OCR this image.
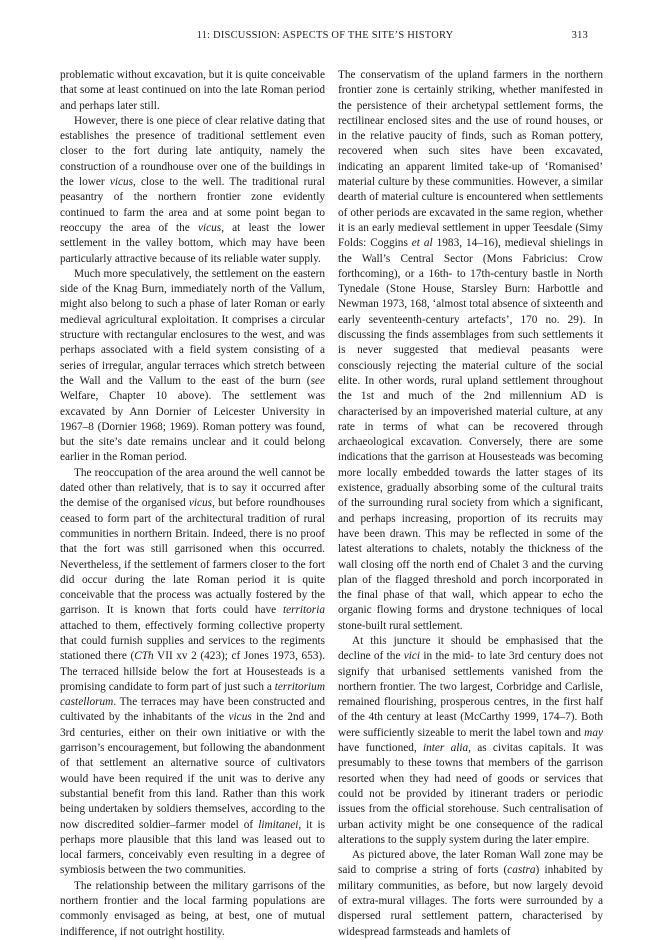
11: DISCUSSION: ASPECTS OF THE SITE’S HISTORY	313

problematic without excavation, but it is quite conceivable that some at least continued on into the late Roman period and perhaps later still.

However, there is one piece of clear relative dating that establishes the presence of traditional settlement even closer to the fort during late antiquity, namely the construction of a roundhouse over one of the buildings in the lower vicus, close to the well. The traditional rural peasantry of the northern frontier zone evidently continued to farm the area and at some point began to reoccupy the area of the vicus, at least the lower settlement in the valley bottom, which may have been particularly attractive because of its reliable water supply.

Much more speculatively, the settlement on the eastern side of the Knag Burn, immediately north of the Vallum, might also belong to such a phase of later Roman or early medieval agricultural exploitation. It comprises a circular structure with rectangular enclosures to the west, and was perhaps associated with a field system consisting of a series of irregular, angular terraces which stretch between the Wall and the Vallum to the east of the burn (see Welfare, Chapter 10 above). The settlement was excavated by Ann Dornier of Leicester University in 1967–8 (Dornier 1968; 1969). Roman pottery was found, but the site’s date remains unclear and it could belong earlier in the Roman period.

The reoccupation of the area around the well cannot be dated other than relatively, that is to say it occurred after the demise of the organised vicus, but before roundhouses ceased to form part of the architectural tradition of rural communities in northern Britain. Indeed, there is no proof that the fort was still garrisoned when this occurred. Nevertheless, if the settlement of farmers closer to the fort did occur during the late Roman period it is quite conceivable that the process was actually fostered by the garrison. It is known that forts could have territoria attached to them, effectively forming collective property that could furnish supplies and services to the regiments stationed there (CTh VII xv 2 (423); cf Jones 1973, 653). The terraced hillside below the fort at Housesteads is a promising candidate to form part of just such a territorium castellorum. The terraces may have been constructed and cultivated by the inhabitants of the vicus in the 2nd and 3rd centuries, either on their own initiative or with the garrison’s encouragement, but following the abandonment of that settlement an alternative source of cultivators would have been required if the unit was to derive any substantial benefit from this land. Rather than this work being undertaken by soldiers themselves, according to the now discredited soldier–farmer model of limitanei, it is perhaps more plausible that this land was leased out to local farmers, conceivably even resulting in a degree of symbiosis between the two communities.

The relationship between the military garrisons of the northern frontier and the local farming populations are commonly envisaged as being, at best, one of mutual indifference, if not outright hostility.

The conservatism of the upland farmers in the northern frontier zone is certainly striking, whether manifested in the persistence of their archetypal settlement forms, the rectilinear enclosed sites and the use of round houses, or in the relative paucity of finds, such as Roman pottery, recovered when such sites have been excavated, indicating an apparent limited take-up of ‘Romanised’ material culture by these communities. However, a similar dearth of material culture is encountered when settlements of other periods are excavated in the same region, whether it is an early medieval settlement in upper Teesdale (Simy Folds: Coggins et al 1983, 14–16), medieval shielings in the Wall’s Central Sector (Mons Fabricius: Crow forthcoming), or a 16th- to 17th-century bastle in North Tynedale (Stone House, Starsley Burn: Harbottle and Newman 1973, 168, ‘almost total absence of sixteenth and early seventeenth-century artefacts’, 170 no. 29). In discussing the finds assemblages from such settlements it is never suggested that medieval peasants were consciously rejecting the material culture of the social elite. In other words, rural upland settlement throughout the 1st and much of the 2nd millennium AD is characterised by an impoverished material culture, at any rate in terms of what can be recovered through archaeological excavation. Conversely, there are some indications that the garrison at Housesteads was becoming more locally embedded towards the latter stages of its existence, gradually absorbing some of the cultural traits of the surrounding rural society from which a significant, and perhaps increasing, proportion of its recruits may have been drawn. This may be reflected in some of the latest alterations to chalets, notably the thickness of the wall closing off the north end of Chalet 3 and the curving plan of the flagged threshold and porch incorporated in the final phase of that wall, which appear to echo the organic flowing forms and drystone techniques of local stone-built rural settlement.

At this juncture it should be emphasised that the decline of the vici in the mid- to late 3rd century does not signify that urbanised settlements vanished from the northern frontier. The two largest, Corbridge and Carlisle, remained flourishing, prosperous centres, in the first half of the 4th century at least (McCarthy 1999, 174–7). Both were sufficiently sizeable to merit the label town and may have functioned, inter alia, as civitas capitals. It was presumably to these towns that members of the garrison resorted when they had need of goods or services that could not be provided by itinerant traders or periodic issues from the official storehouse. Such centralisation of urban activity might be one consequence of the radical alterations to the supply system during the later empire.

As pictured above, the later Roman Wall zone may be said to comprise a string of forts (castra) inhabited by military communities, as before, but now largely devoid of extra-mural villages. The forts were surrounded by a dispersed rural settlement pattern, characterised by widespread farmsteads and hamlets of
